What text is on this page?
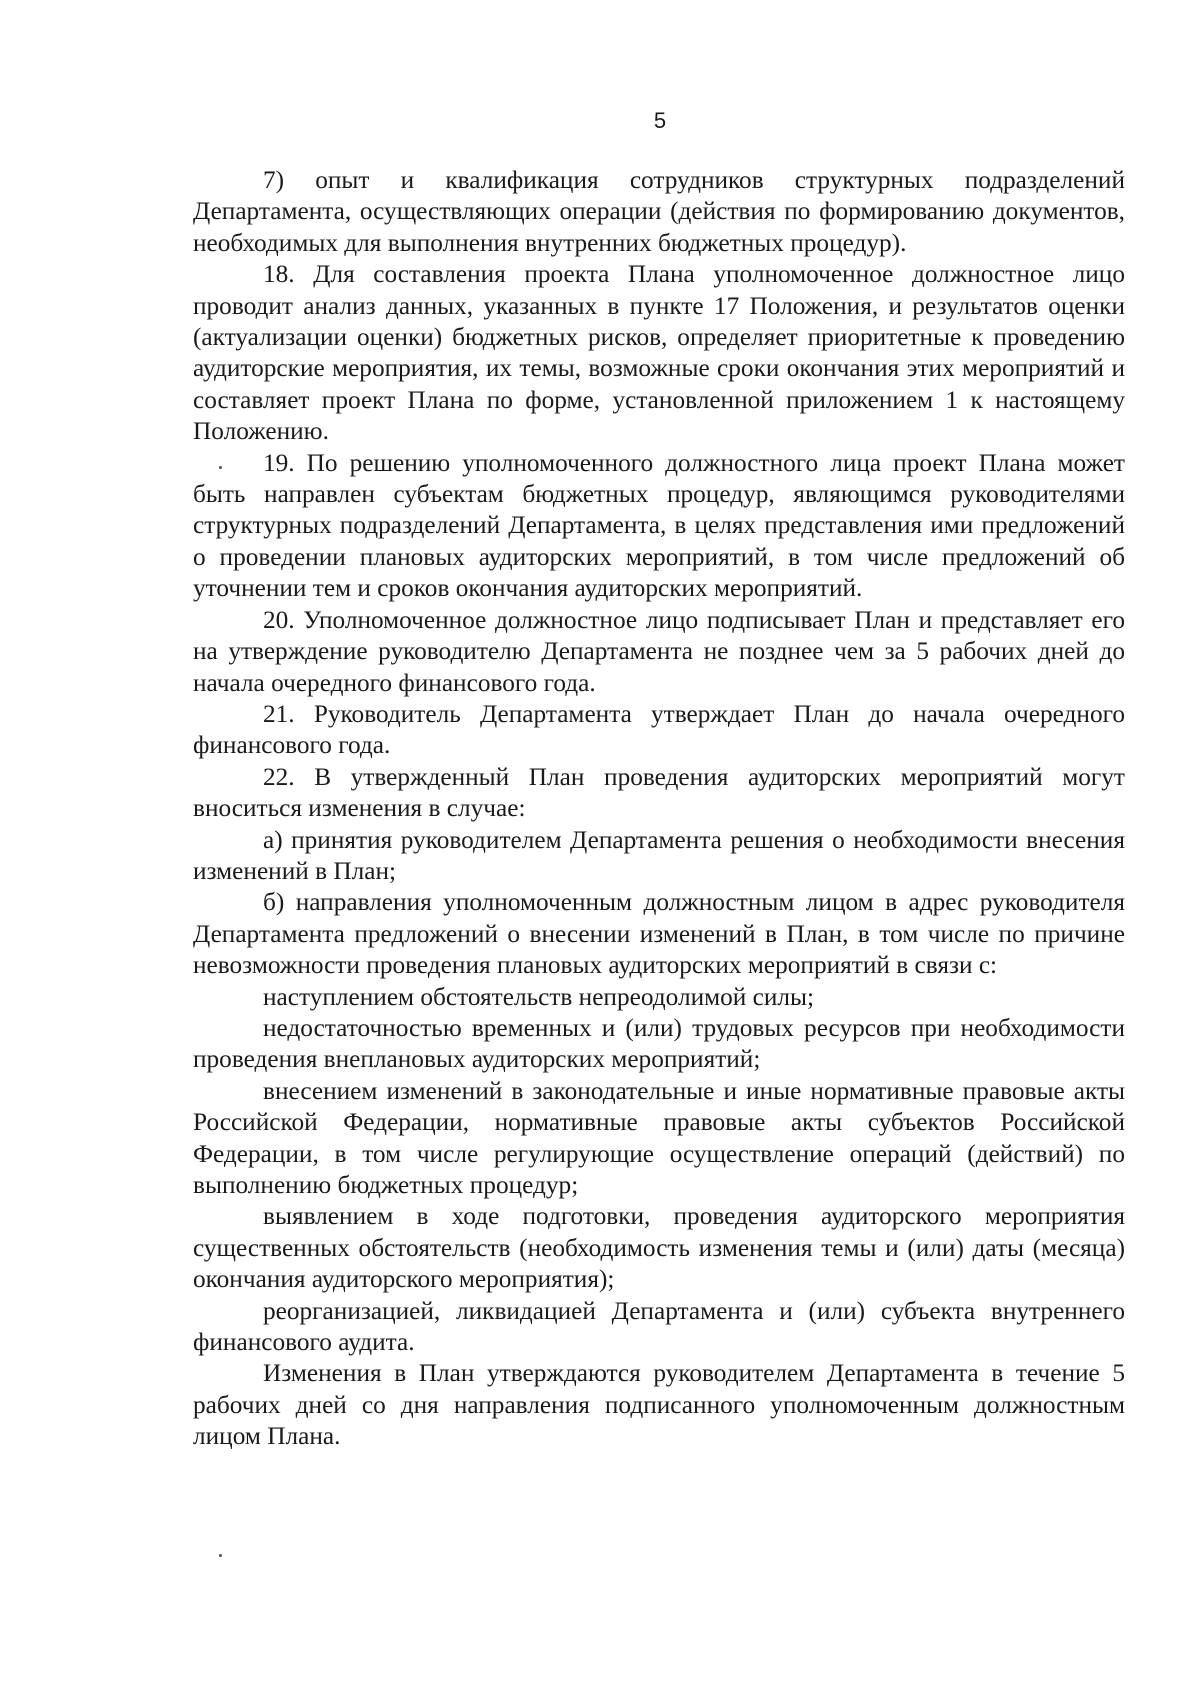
5

7) опыт и квалификация сотрудников структурных подразделений Департамента, осуществляющих операции (действия по формированию документов, необходимых для выполнения внутренних бюджетных процедур).

18. Для составления проекта Плана уполномоченное должностное лицо проводит анализ данных, указанных в пункте 17 Положения, и результатов оценки (актуализации оценки) бюджетных рисков, определяет приоритетные к проведению аудиторские мероприятия, их темы, возможные сроки окончания этих мероприятий и составляет проект Плана по форме, установленной приложением 1 к настоящему Положению.

19. По решению уполномоченного должностного лица проект Плана может быть направлен субъектам бюджетных процедур, являющимся руководителями структурных подразделений Департамента, в целях представления ими предложений о проведении плановых аудиторских мероприятий, в том числе предложений об уточнении тем и сроков окончания аудиторских мероприятий.

20. Уполномоченное должностное лицо подписывает План и представляет его на утверждение руководителю Департамента не позднее чем за 5 рабочих дней до начала очередного финансового года.

21. Руководитель Департамента утверждает План до начала очередного финансового года.

22. В утвержденный План проведения аудиторских мероприятий могут вноситься изменения в случае:

а) принятия руководителем Департамента решения о необходимости внесения изменений в План;

б) направления уполномоченным должностным лицом в адрес руководителя Департамента предложений о внесении изменений в План, в том числе по причине невозможности проведения плановых аудиторских мероприятий в связи с:

наступлением обстоятельств непреодолимой силы;

недостаточностью временных и (или) трудовых ресурсов при необходимости проведения внеплановых аудиторских мероприятий;

внесением изменений в законодательные и иные нормативные правовые акты Российской Федерации, нормативные правовые акты субъектов Российской Федерации, в том числе регулирующие осуществление операций (действий) по выполнению бюджетных процедур;

выявлением в ходе подготовки, проведения аудиторского мероприятия существенных обстоятельств (необходимость изменения темы и (или) даты (месяца) окончания аудиторского мероприятия);

реорганизацией, ликвидацией Департамента и (или) субъекта внутреннего финансового аудита.

Изменения в План утверждаются руководителем Департамента в течение 5 рабочих дней со дня направления подписанного уполномоченным должностным лицом Плана.
